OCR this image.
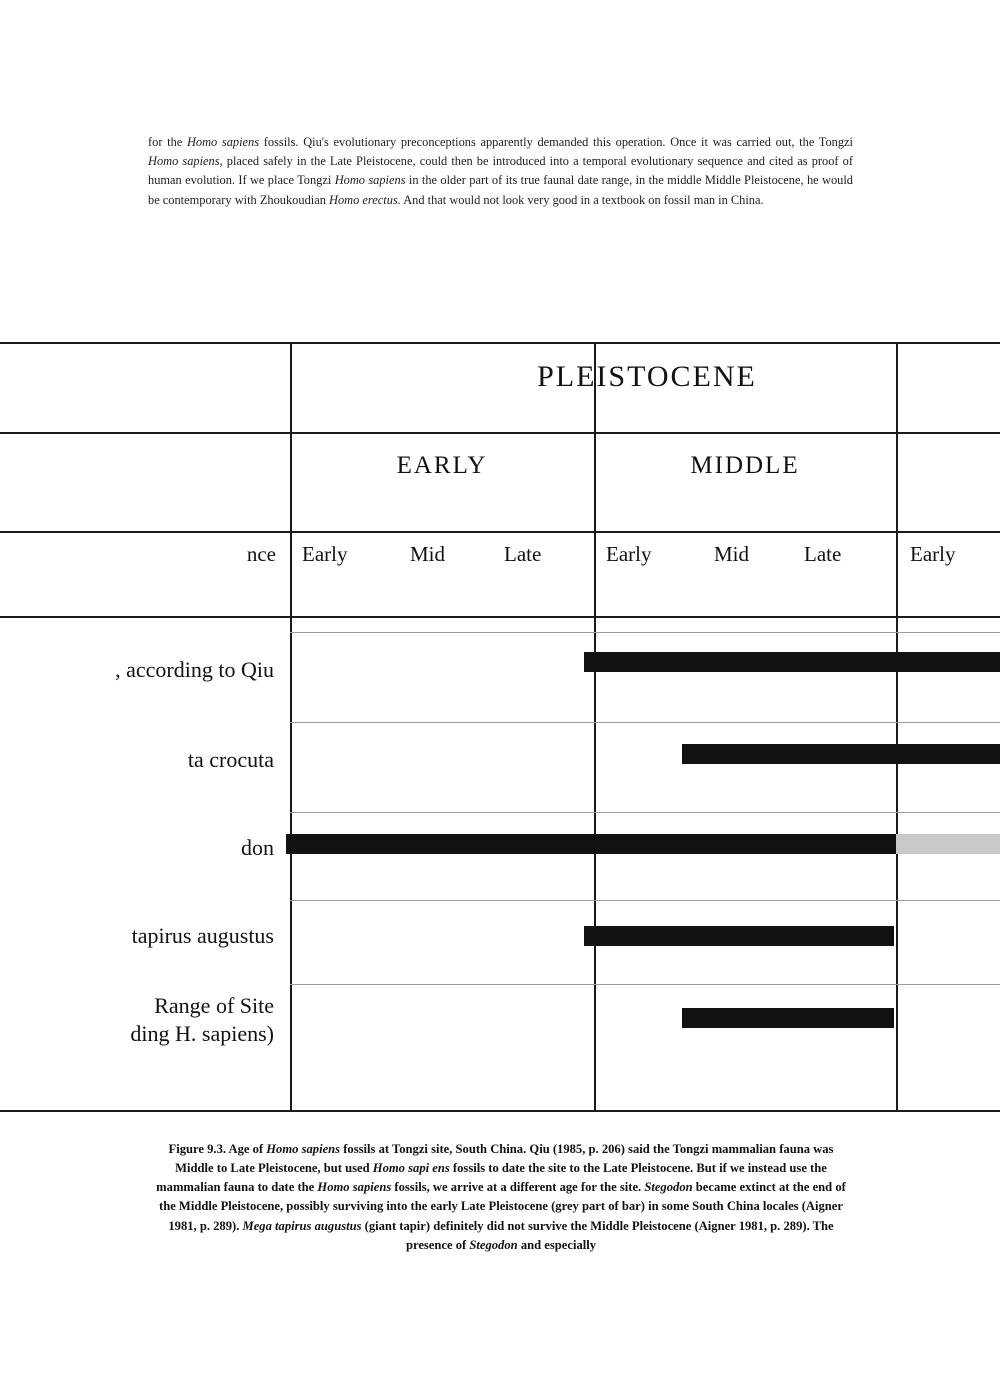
for the Homo sapiens fossils. Qiu's evolutionary preconceptions apparently demanded this operation. Once it was carried out, the Tongzi Homo sapiens, placed safely in the Late Pleistocene, could then be introduced into a temporal evolutionary sequence and cited as proof of human evolution. If we place Tongzi Homo sapiens in the older part of its true faunal date range, in the middle Middle Pleistocene, he would be contemporary with Zhoukoudian Homo erectus. And that would not look very good in a textbook on fossil man in China.
PLEISTOCENE
EARLY	MIDDLE
nce Early	Mid	Late	Early	Mid	Late	Early
, according to Qiu
ta crocuta
don
tapirus augustus
Range of Site
ding H. sapiens)
Figure 9.3. Age of Homo sapiens fossils at Tongzi site, South China. Qiu (1985, p. 206) said the Tongzi mammalian fauna was Middle to Late Pleistocene, but used Homo sapi ens fossils to date the site to the Late Pleistocene. But if we instead use the mammalian fauna to date the Homo sapiens fossils, we arrive at a different age for the site. Stegodon became extinct at the end of the Middle Pleistocene, possibly surviving into the early Late Pleistocene (grey part of bar) in some South China locales (Aigner 1981, p. 289). Mega tapirus augustus (giant tapir) definitely did not survive the Middle Pleistocene (Aigner 1981, p. 289). The presence of Stegodon and especially
